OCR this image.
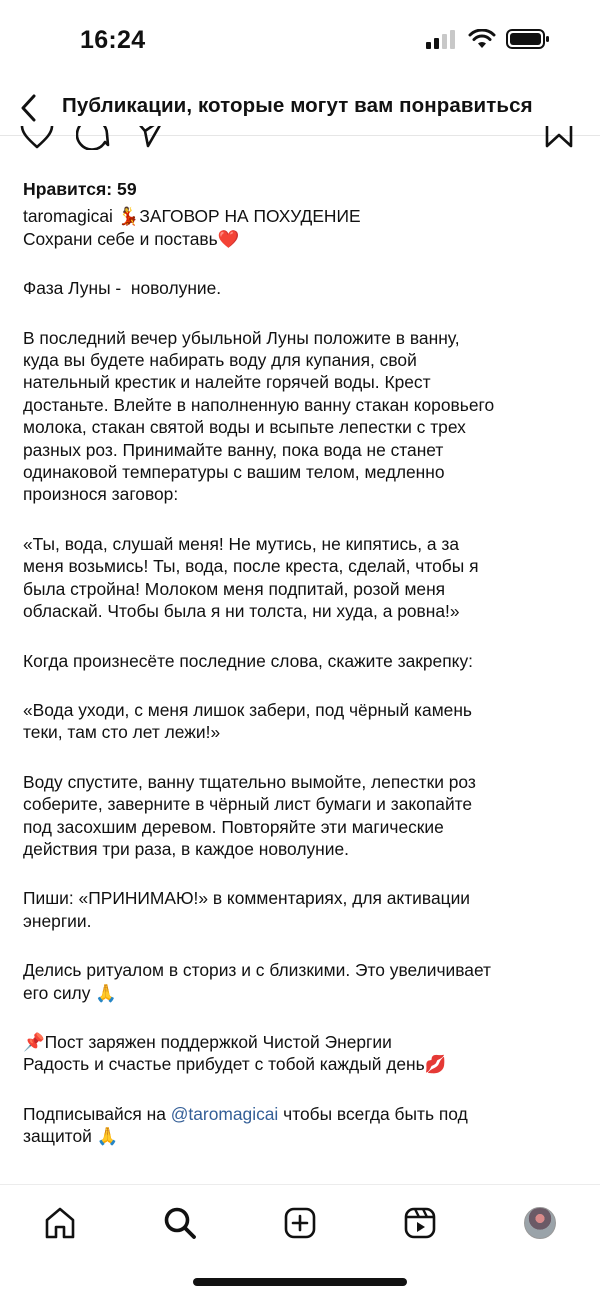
16:24
Публикации, которые могут вам понравиться
Нравится: 59
taromagicai 💃ЗАГОВОР НА ПОХУДЕНИЕ
Сохрани себе и поставь❤️
Фаза Луны -  новолуние.
В последний вечер убыльной Луны положите в ванну,
куда вы будете набирать воду для купания, свой
нательный крестик и налейте горячей воды. Крест
достаньте. Влейте в наполненную ванну стакан коровьего
молока, стакан святой воды и всыпьте лепестки с трех
разных роз. Принимайте ванну, пока вода не станет
одинаковой температуры с вашим телом, медленно
произнося заговор:
«Ты, вода, слушай меня! Не мутись, не кипятись, а за
меня возьмись! Ты, вода, после креста, сделай, чтобы я
была стройна! Молоком меня подпитай, розой меня
обласкай. Чтобы была я ни толста, ни худа, а ровна!»
Когда произнесёте последние слова, скажите закрепку:
«Вода уходи, с меня лишок забери, под чёрный камень
теки, там сто лет лежи!»
Воду спустите, ванну тщательно вымойте, лепестки роз
соберите, заверните в чёрный лист бумаги и закопайте
под засохшим деревом. Повторяйте эти магические
действия три раза, в каждое новолуние.
Пиши: «ПРИНИМАЮ!» в комментариях, для активации
энергии.
Делись ритуалом в сториз и с близкими. Это увеличивает
его силу 🙏
📌Пост заряжен поддержкой Чистой Энергии
Радость и счастье прибудет с тобой каждый день💋
Подписывайся на @taromagicai чтобы всегда быть под
защитой 🙏
